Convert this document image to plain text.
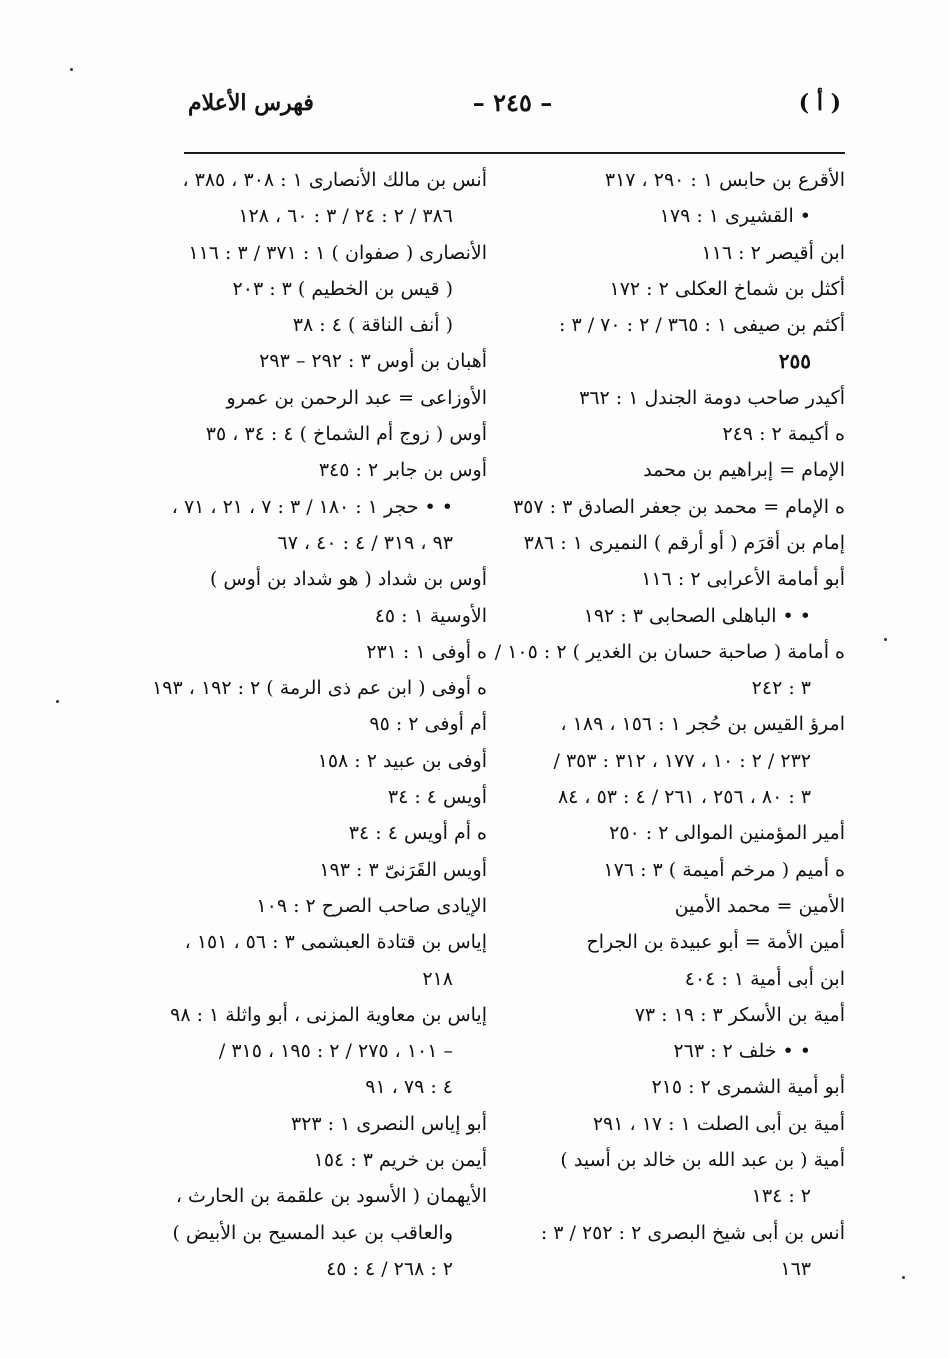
( أ )
– ٢٤٥ –
فهرس الأعلام
الأقرع بن حابس ١ : ٢٩٠ ، ٣١٧
• القشيرى ١ : ١٧٩
ابن أقيصر ٢ : ١١٦
أكثل بن شماخ العكلى ٢ : ١٧٢
أكثم بن صيفى ١ : ٣٦٥ / ٢ : ٧٠ / ٣ :
٢٥٥
أكيدر صاحب دومة الجندل ١ : ٣٦٢
ه أكيمة ٢ : ٢٤٩
الإمام = إبراهيم بن محمد
ه الإمام = محمد بن جعفر الصادق ٣ : ٣٥٧
إمام بن أقرَم ( أو أرقم ) النميرى ١ : ٣٨٦
أبو أمامة الأعرابى ٢ : ١١٦
• • الباهلى الصحابى ٣ : ١٩٢
ه أمامة ( صاحبة حسان بن الغدير ) ٢ : ١٠٥ /
٣ : ٢٤٢
امرؤ القيس بن حُجر ١ : ١٥٦ ، ١٨٩ ،
٢٣٢ / ٢ : ١٠ ، ١٧٧ ، ٣١٢ : ٣٥٣ /
٣ : ٨٠ ، ٢٥٦ ، ٢٦١ / ٤ : ٥٣ ، ٨٤
أمير المؤمنين الموالى ٢ : ٢٥٠
ه أميم ( مرخم أميمة ) ٣ : ١٧٦
الأمين = محمد الأمين
أمين الأمة = أبو عبيدة بن الجراح
ابن أبى أمية ١ : ٤٠٤
أمية بن الأسكر ٣ : ١٩ : ٧٣
• • خلف ٢ : ٢٦٣
أبو أمية الشمرى ٢ : ٢١٥
أمية بن أبى الصلت ١ : ١٧ ، ٢٩١
أمية ( بن عبد الله بن خالد بن أسيد )
٢ : ١٣٤
أنس بن أبى شيخ البصرى ٢ : ٢٥٢ / ٣ :
١٦٣
أنس بن مالك الأنصارى ١ : ٣٠٨ ، ٣٨٥ ،
٣٨٦ / ٢ : ٢٤ / ٣ : ٦٠ ، ١٢٨
الأنصارى ( صفوان ) ١ : ٣٧١ / ٣ : ١١٦
( قيس بن الخطيم ) ٣ : ٢٠٣
( أنف الناقة ) ٤ : ٣٨
أهبان بن أوس ٣ : ٢٩٢ – ٢٩٣
الأوزاعى = عبد الرحمن بن عمرو
أوس ( زوج أم الشماخ ) ٤ : ٣٤ ، ٣٥
أوس بن جابر ٢ : ٣٤٥
• • حجر ١ : ١٨٠ / ٣ : ٧ ، ٢١ ، ٧١ ،
٩٣ ، ٣١٩ / ٤ : ٤٠ ، ٦٧
أوس بن شداد ( هو شداد بن أوس )
الأوسية ١ : ٤٥
ه أوفى ١ : ٢٣١
ه أوفى ( ابن عم ذى الرمة ) ٢ : ١٩٢ ، ١٩٣
أم أوفى ٢ : ٩٥
أوفى بن عبيد ٢ : ١٥٨
أويس ٤ : ٣٤
ه أم أويس ٤ : ٣٤
أويس القَرَنىّ ٣ : ١٩٣
الإيادى صاحب الصرح ٢ : ١٠٩
إياس بن قتادة العبشمى ٣ : ٥٦ ، ١٥١ ،
٢١٨
إياس بن معاوية المزنى ، أبو واثلة ١ : ٩٨
– ١٠١ ، ٢٧٥ / ٢ : ١٩٥ ، ٣١٥ /
٤ : ٧٩ ، ٩١
أبو إياس النصرى ١ : ٣٢٣
أيمن بن خريم ٣ : ١٥٤
الأيهمان ( الأسود بن علقمة بن الحارث ،
والعاقب بن عبد المسيح بن الأبيض )
٢ : ٢٦٨ / ٤ : ٤٥
